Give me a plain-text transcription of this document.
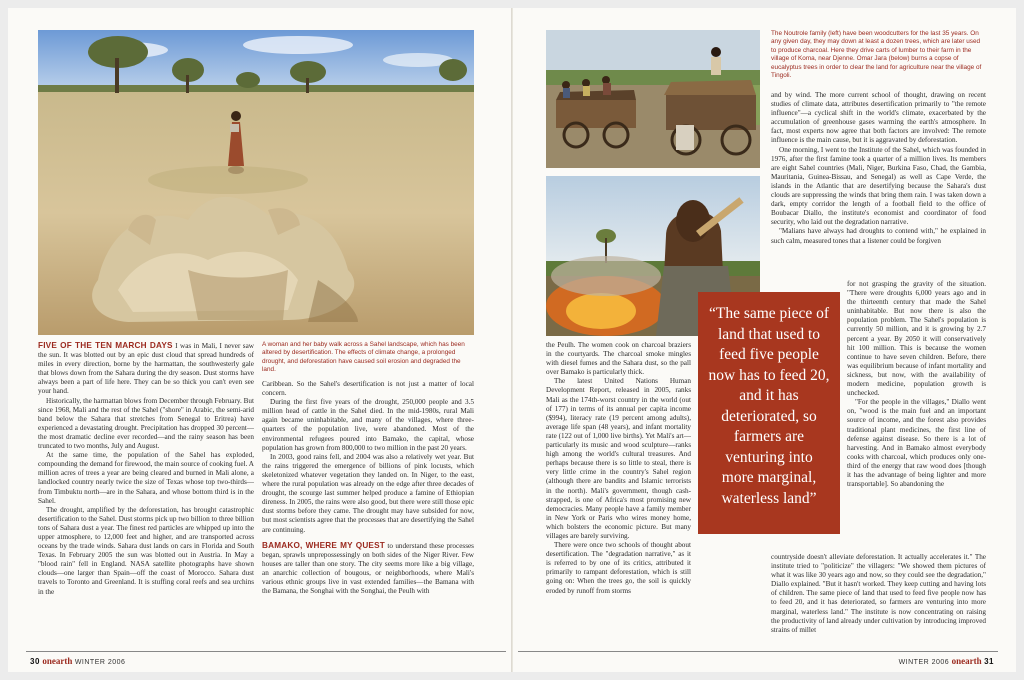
FIVE OF THE TEN MARCH DAYS I was in Mali, I never saw the sun. It was blotted out by an epic dust cloud that spread hundreds of miles in every direction, borne by the harmattan, the southwesterly gale that blows down from the Sahara during the dry season. Dust storms have always been a part of life here. They can be so thick you can't even see your hand.

Historically, the harmattan blows from December through February. But since 1968, Mali and the rest of the Sahel ("shore" in Arabic, the semi-arid band below the Sahara that stretches from Senegal to Eritrea) have experienced a devastating drought. Precipitation has dropped 30 percent—the most dramatic decline ever recorded—and the rainy season has been truncated to two months, July and August.

At the same time, the population of the Sahel has exploded, compounding the demand for firewood, the main source of cooking fuel. A million acres of trees a year are being cleared and burned in Mali alone, a landlocked country nearly twice the size of Texas whose top two-thirds—from Timbuktu north—are in the Sahara, and whose bottom third is in the Sahel.

The drought, amplified by the deforestation, has brought catastrophic desertification to the Sahel. Dust storms pick up two billion to three billion tons of Sahara dust a year. The finest red particles are whipped up into the upper atmosphere, to 12,000 feet and higher, and are transported across oceans by the trade winds. Sahara dust lands on cars in Florida and South Texas. In February 2005 the sun was blotted out in Austria. In May a "blood rain" fell in England. NASA satellite photographs have shown clouds—one larger than Spain—off the coast of Morocco. Sahara dust travels to Toronto and Greenland. It is stuffing coral reefs and sea urchins in the

A woman and her baby walk across a Sahel landscape, which has been altered by desertification. The effects of climate change, a prolonged drought, and deforestation have caused soil erosion and degraded the land.

Caribbean. So the Sahel's desertification is not just a matter of local concern.

During the first five years of the drought, 250,000 people and 3.5 million head of cattle in the Sahel died. In the mid-1980s, rural Mali again became uninhabitable, and many of the villages, where three-quarters of the population live, were abandoned. Most of the environmental refugees poured into Bamako, the capital, whose population has grown from 800,000 to two million in the past 20 years.

In 2003, good rains fell, and 2004 was also a relatively wet year. But the rains triggered the emergence of billions of pink locusts, which skeletonized whatever vegetation they landed on. In Niger, to the east, where the rural population was already on the edge after three decades of drought, the scourge last summer helped produce a famine of Ethiopian direness. In 2005, the rains were also good, but there were still those epic dust storms before they came. The drought may have subsided for now, but most scientists agree that the processes that are desertifying the Sahel are continuing.

BAMAKO, WHERE MY QUEST to understand these processes began, sprawls unprepossessingly on both sides of the Niger River. Few houses are taller than one story. The city seems more like a big village, an anarchic collection of bougous, or neighborhoods, where Mali's various ethnic groups live in vast extended families—the Bamana with the Bamana, the Songhai with the Songhai, the Peulh with

30 onearth WINTER 2006
The Noutrole family (left) have been woodcutters for the last 35 years. On any given day, they may down at least a dozen trees, which are later used to produce charcoal. Here they drive carts of lumber to their farm in the village of Koma, near Djenne. Omar Jara (below) burns a copse of eucalyptus trees in order to clear the land for agriculture near the village of Tingoli.

the Peulh. The women cook on charcoal braziers in the courtyards. The charcoal smoke mingles with diesel fumes and the Sahara dust, so the pall over Bamako is particularly thick.

The latest United Nations Human Development Report, released in 2005, ranks Mali as the 174th-worst country in the world (out of 177) in terms of its annual per capita income ($994), literacy rate (19 percent among adults), average life span (48 years), and infant mortality rate (122 out of 1,000 live births). Yet Mali's art—particularly its music and wood sculpture—ranks high among the world's cultural treasures. And perhaps because there is so little to steal, there is very little crime in the country's Sahel region (although there are bandits and Islamic terrorists in the north). Mali's government, though cash-strapped, is one of Africa's most promising new democracies. Many people have a family member in New York or Paris who wires money home, which bolsters the economic picture. But many villages are barely surviving.

There were once two schools of thought about desertification. The "degradation narrative," as it is referred to by one of its critics, attributed it primarily to rampant deforestation, which is still going on: When the trees go, the soil is quickly eroded by runoff from storms

“The same piece of land that used to feed five people now has to feed 20, and it has deteriorated, so farmers are venturing into more marginal, waterless land”

and by wind. The more current school of thought, drawing on recent studies of climate data, attributes desertification primarily to "the remote influence"—a cyclical shift in the world's climate, exacerbated by the accumulation of greenhouse gases warming the earth's atmosphere. In fact, most experts now agree that both factors are involved: The remote influence is the main cause, but it is aggravated by deforestation.

One morning, I went to the Institute of the Sahel, which was founded in 1976, after the first famine took a quarter of a million lives. Its members are eight Sahel countries (Mali, Niger, Burkina Faso, Chad, the Gambia, Mauritania, Guinea-Bissau, and Senegal) as well as Cape Verde, the islands in the Atlantic that are desertifying because the Sahara's dust clouds are suppressing the winds that bring them rain. I was taken down a dark, empty corridor the length of a football field to the office of Boubacar Diallo, the institute's economist and coordinator of food security, who laid out the degradation narrative.

"Malians have always had droughts to contend with," he explained in such calm, measured tones that a listener could be forgiven

for not grasping the gravity of the situation. "There were droughts 6,000 years ago and in the thirteenth century that made the Sahel uninhabitable. But now there is also the population problem. The Sahel's population is currently 50 million, and it is growing by 2.7 percent a year. By 2050 it will conservatively hit 100 million. This is because the women continue to have seven children. Before, there was equilibrium because of infant mortality and sickness, but now, with the availability of modern medicine, population growth is unchecked.

"For the people in the villages," Diallo went on, "wood is the main fuel and an important source of income, and the forest also provides traditional plant medicines, the first line of defense against disease. So there is a lot of harvesting. And in Bamako almost everybody cooks with charcoal, which produces only one-third of the energy that raw wood does [though it has the advantage of being lighter and more transportable]. So abandoning the

countryside doesn't alleviate deforestation. It actually accelerates it." The institute tried to "politicize" the villagers: "We showed them pictures of what it was like 30 years ago and now, so they could see the degradation," Diallo explained. "But it hasn't worked. They keep cutting and having lots of children. The same piece of land that used to feed five people now has to feed 20, and it has deteriorated, so farmers are venturing into more marginal, waterless land." The institute is now concentrating on raising the productivity of land already under cultivation by introducing improved strains of millet

WINTER 2006 onearth 31
